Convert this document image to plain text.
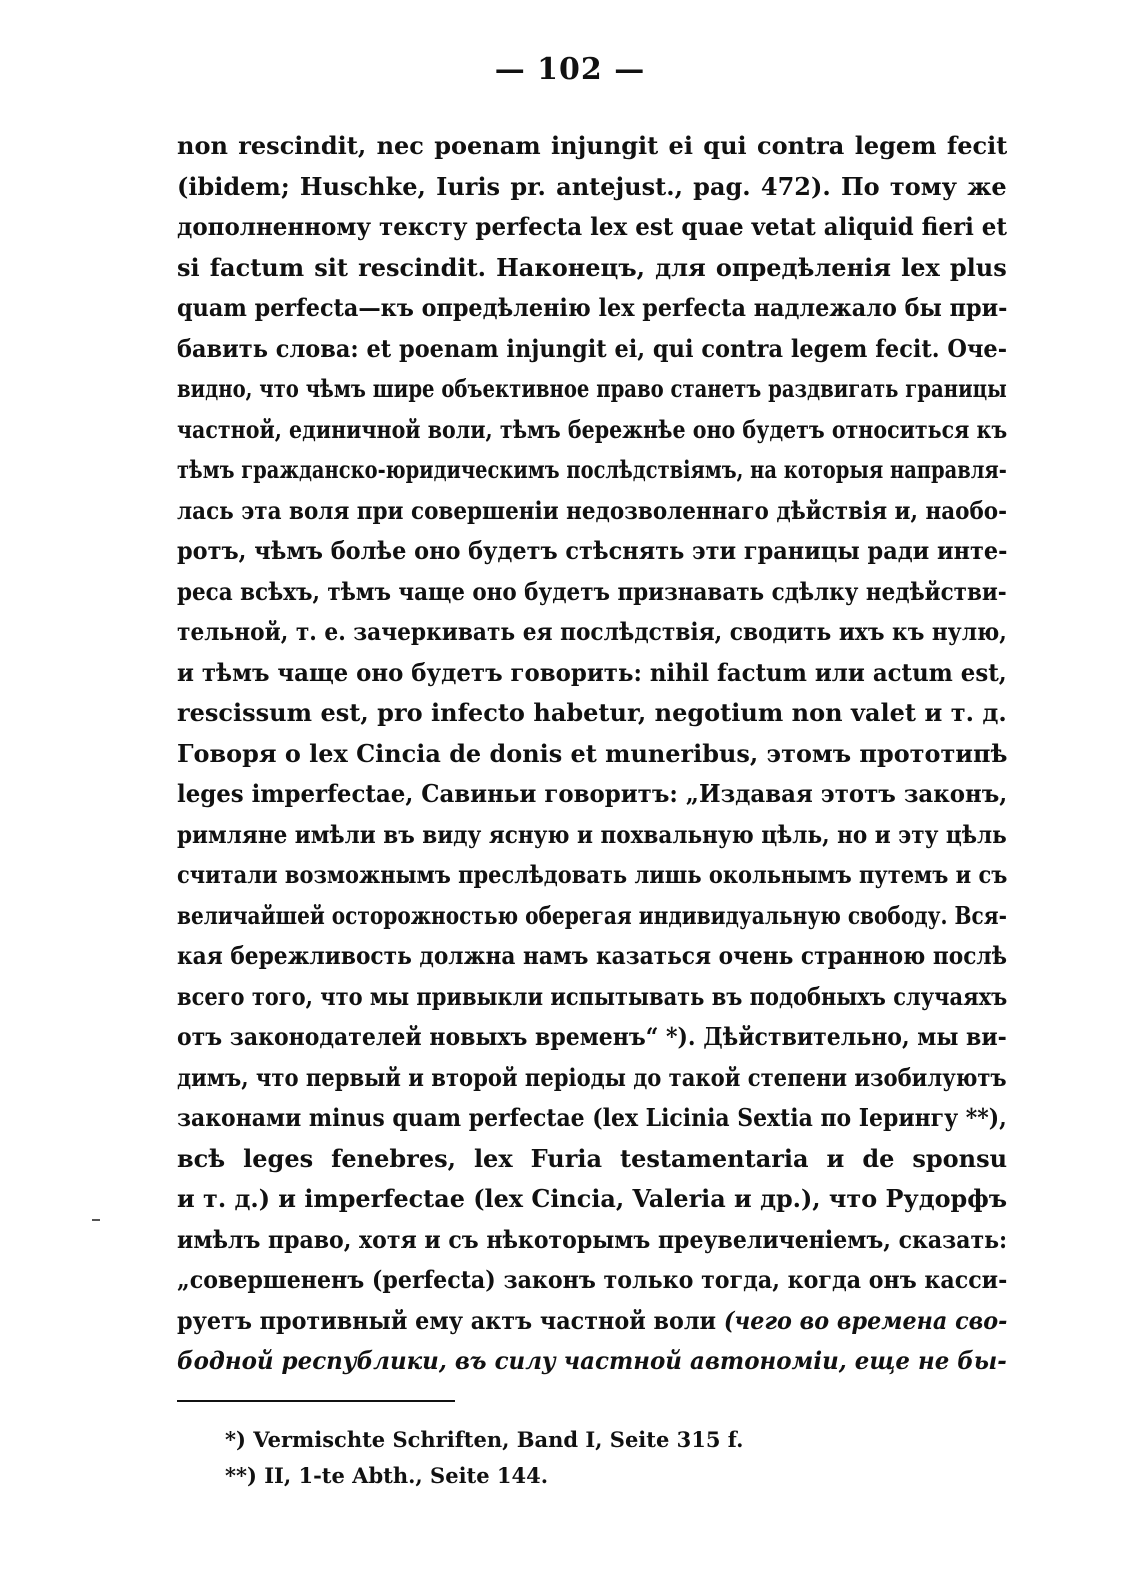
— 102 —
non rescindit, nec poenam injungit ei qui contra legem fecit
(ibidem; Huschke, Iuris pr. antejust., pag. 472). По тому же
дополненному тексту perfecta lex est quae vetat aliquid fieri et
si factum sit rescindit. Наконецъ, для опредѣленія lex plus
quam perfecta—къ опредѣленію lex perfecta надлежало бы при-
бавить слова: et poenam injungit ei, qui contra legem fecit. Оче-
видно, что чѣмъ шире объективное право станетъ раздвигать границы
частной, единичной воли, тѣмъ бережнѣе оно будетъ относиться къ
тѣмъ гражданско-юридическимъ послѣдствіямъ, на которыя направля-
лась эта воля при совершеніи недозволеннаго дѣйствія и, наобо-
ротъ, чѣмъ болѣе оно будетъ стѣснять эти границы ради инте-
реса всѣхъ, тѣмъ чаще оно будетъ признавать сдѣлку недѣйстви-
тельной, т. е. зачеркивать ея послѣдствія, сводить ихъ къ нулю,
и тѣмъ чаще оно будетъ говорить: nihil factum или actum est,
rescissum est, pro infecto habetur, negotium non valet и т. д.
Говоря о lex Cincia de donis et muneribus, этомъ прототипѣ
leges imperfectae, Савиньи говоритъ: „Издавая этотъ законъ,
римляне имѣли въ виду ясную и похвальную цѣль, но и эту цѣль
считали возможнымъ преслѣдовать лишь окольнымъ путемъ и съ
величайшей осторожностью оберегая индивидуальную свободу. Вся-
кая бережливость должна намъ казаться очень странною послѣ
всего того, что мы привыкли испытывать въ подобныхъ случаяхъ
отъ законодателей новыхъ временъ“ *). Дѣйствительно, мы ви-
димъ, что первый и второй періоды до такой степени изобилуютъ
законами minus quam perfectae (lex Licinia Sextia по Іерингу **),
всѣ leges fenebres, lex Furia testamentaria и de sponsu
и т. д.) и imperfectae (lex Cincia, Valeria и др.), что Рудорфъ
имѣлъ право, хотя и съ нѣкоторымъ преувеличеніемъ, сказать:
„совершененъ (perfecta) законъ только тогда, когда онъ касси-
руетъ противный ему актъ частной воли (чего во времена сво-
бодной республики, въ силу частной автономіи, еще не бы-
*) Vermischte Schriften, Band I, Seite 315 f.
**) II, 1-te Abth., Seite 144.
